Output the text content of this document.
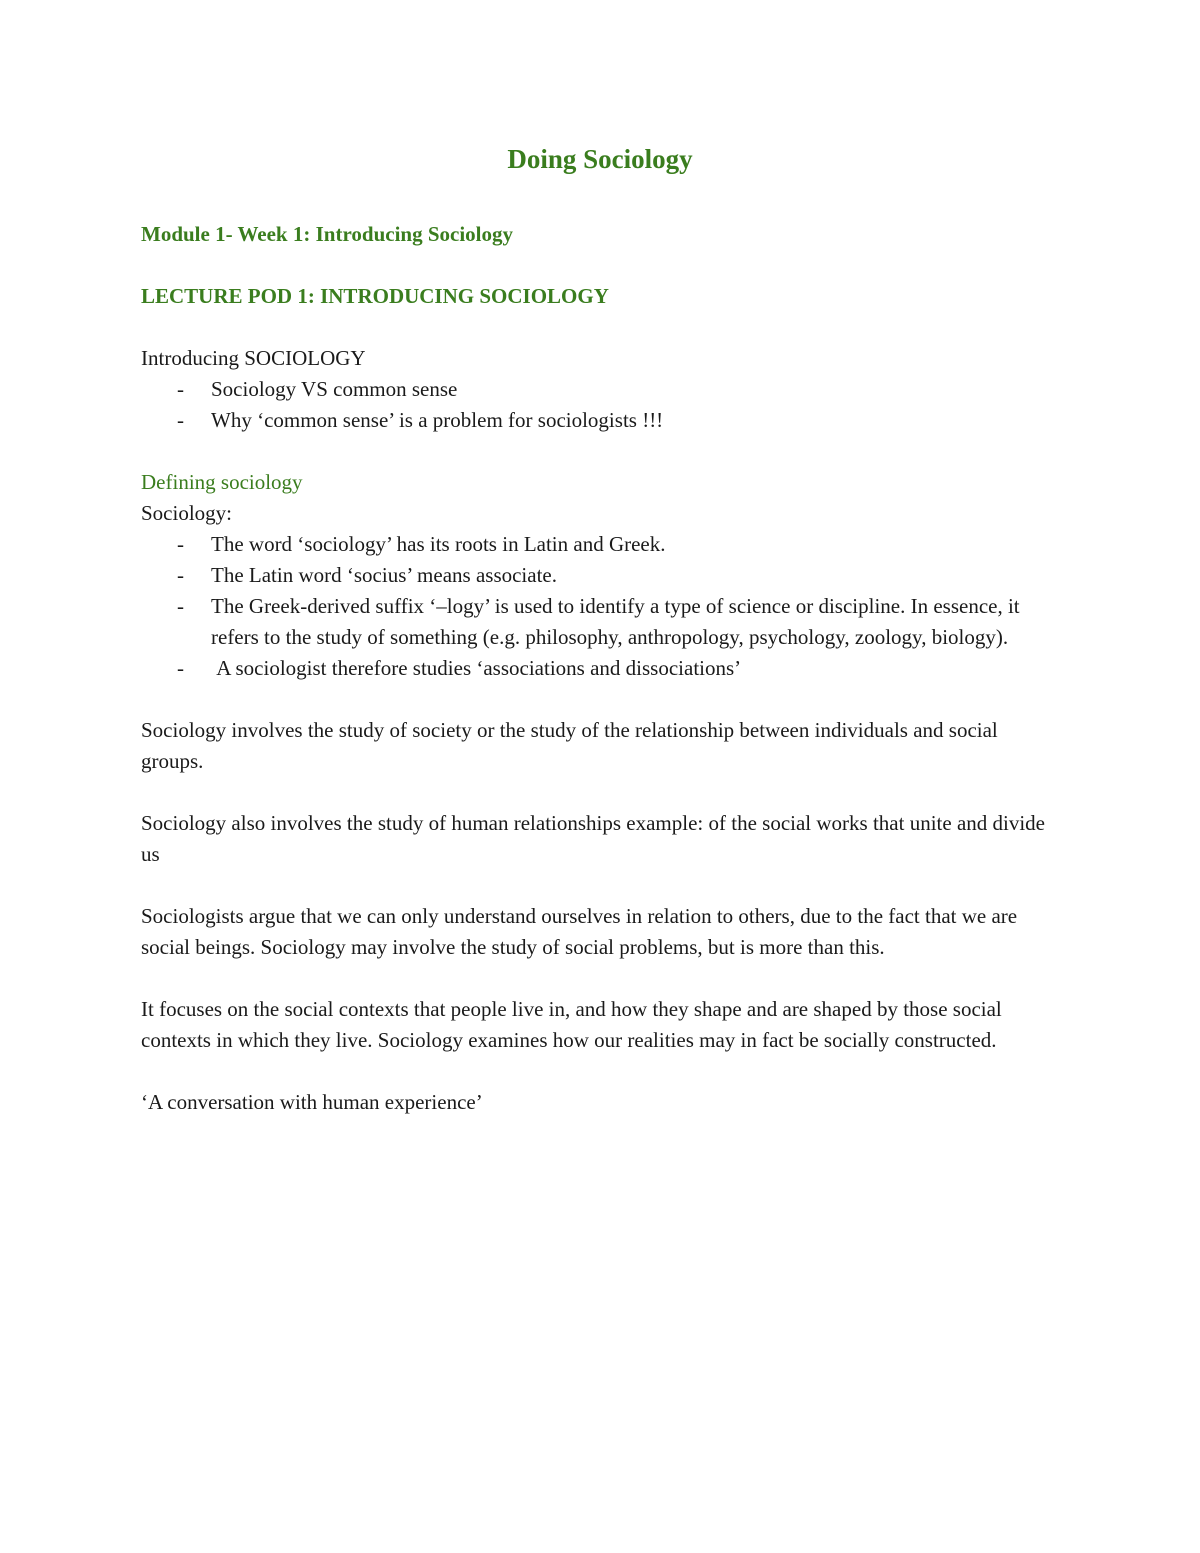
Doing Sociology

Module 1- Week 1: Introducing Sociology

LECTURE POD 1: INTRODUCING SOCIOLOGY

Introducing SOCIOLOGY

- Sociology VS common sense
- Why ‘common sense’ is a problem for sociologists !!!

Defining sociology

Sociology:

- The word ‘sociology’ has its roots in Latin and Greek.
- The Latin word ‘socius’ means associate.
- The Greek-derived suffix ‘–logy’ is used to identify a type of science or discipline. In essence, it refers to the study of something (e.g. philosophy, anthropology, psychology, zoology, biology).
- A sociologist therefore studies ‘associations and dissociations’

Sociology involves the study of society or the study of the relationship between individuals and social groups.

Sociology also involves the study of human relationships example: of the social works that unite and divide us

Sociologists argue that we can only understand ourselves in relation to others, due to the fact that we are social beings. Sociology may involve the study of social problems, but is more than this.

It focuses on the social contexts that people live in, and how they shape and are shaped by those social contexts in which they live. Sociology examines how our realities may in fact be socially constructed.

‘A conversation with human experience’
